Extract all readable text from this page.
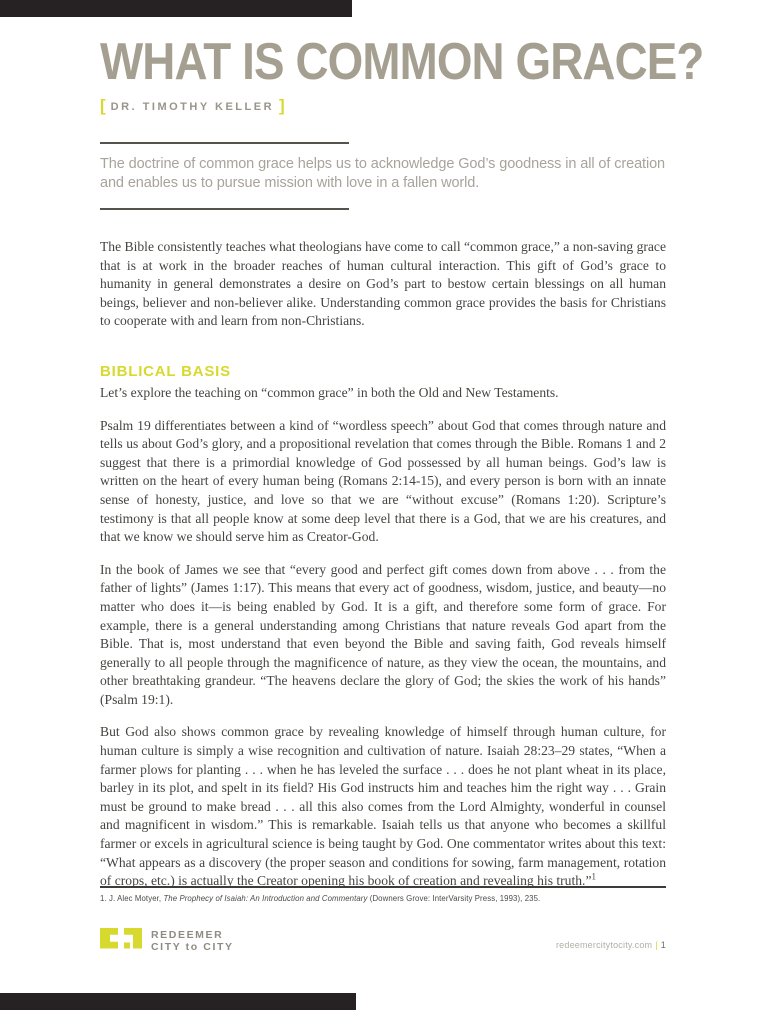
WHAT IS COMMON GRACE?
[ DR. TIMOTHY KELLER ]
The doctrine of common grace helps us to acknowledge God’s goodness in all of creation and enables us to pursue mission with love in a fallen world.

The Bible consistently teaches what theologians have come to call “common grace,” a non-saving grace that is at work in the broader reaches of human cultural interaction. This gift of God’s grace to humanity in general demonstrates a desire on God’s part to bestow certain blessings on all human beings, believer and non-believer alike. Understanding common grace provides the basis for Christians to cooperate with and learn from non-Christians.

BIBLICAL BASIS

Let’s explore the teaching on “common grace” in both the Old and New Testaments.

Psalm 19 differentiates between a kind of “wordless speech” about God that comes through nature and tells us about God’s glory, and a propositional revelation that comes through the Bible. Romans 1 and 2 suggest that there is a primordial knowledge of God possessed by all human beings. God’s law is written on the heart of every human being (Romans 2:14-15), and every person is born with an innate sense of honesty, justice, and love so that we are “without excuse” (Romans 1:20). Scripture’s testimony is that all people know at some deep level that there is a God, that we are his creatures, and that we know we should serve him as Creator-God.

In the book of James we see that “every good and perfect gift comes down from above . . . from the father of lights” (James 1:17). This means that every act of goodness, wisdom, justice, and beauty—no matter who does it—is being enabled by God. It is a gift, and therefore some form of grace. For example, there is a general understanding among Christians that nature reveals God apart from the Bible. That is, most understand that even beyond the Bible and saving faith, God reveals himself generally to all people through the magnificence of nature, as they view the ocean, the mountains, and other breathtaking grandeur. “The heavens declare the glory of God; the skies the work of his hands” (Psalm 19:1).

But God also shows common grace by revealing knowledge of himself through human culture, for human culture is simply a wise recognition and cultivation of nature. Isaiah 28:23–29 states, “When a farmer plows for planting . . . when he has leveled the surface . . . does he not plant wheat in its place, barley in its plot, and spelt in its field? His God instructs him and teaches him the right way . . . Grain must be ground to make bread . . . all this also comes from the Lord Almighty, wonderful in counsel and magnificent in wisdom.” This is remarkable. Isaiah tells us that anyone who becomes a skillful farmer or excels in agricultural science is being taught by God. One commentator writes about this text: “What appears as a discovery (the proper season and conditions for sowing, farm management, rotation of crops, etc.) is actually the Creator opening his book of creation and revealing his truth.”$^1$

1. J. Alec Motyer, The Prophecy of Isaiah: An Introduction and Commentary (Downers Grove: InterVarsity Press, 1993), 235.
REDEEMER
CITY to CITY	redeemercitytocity.com | 1
